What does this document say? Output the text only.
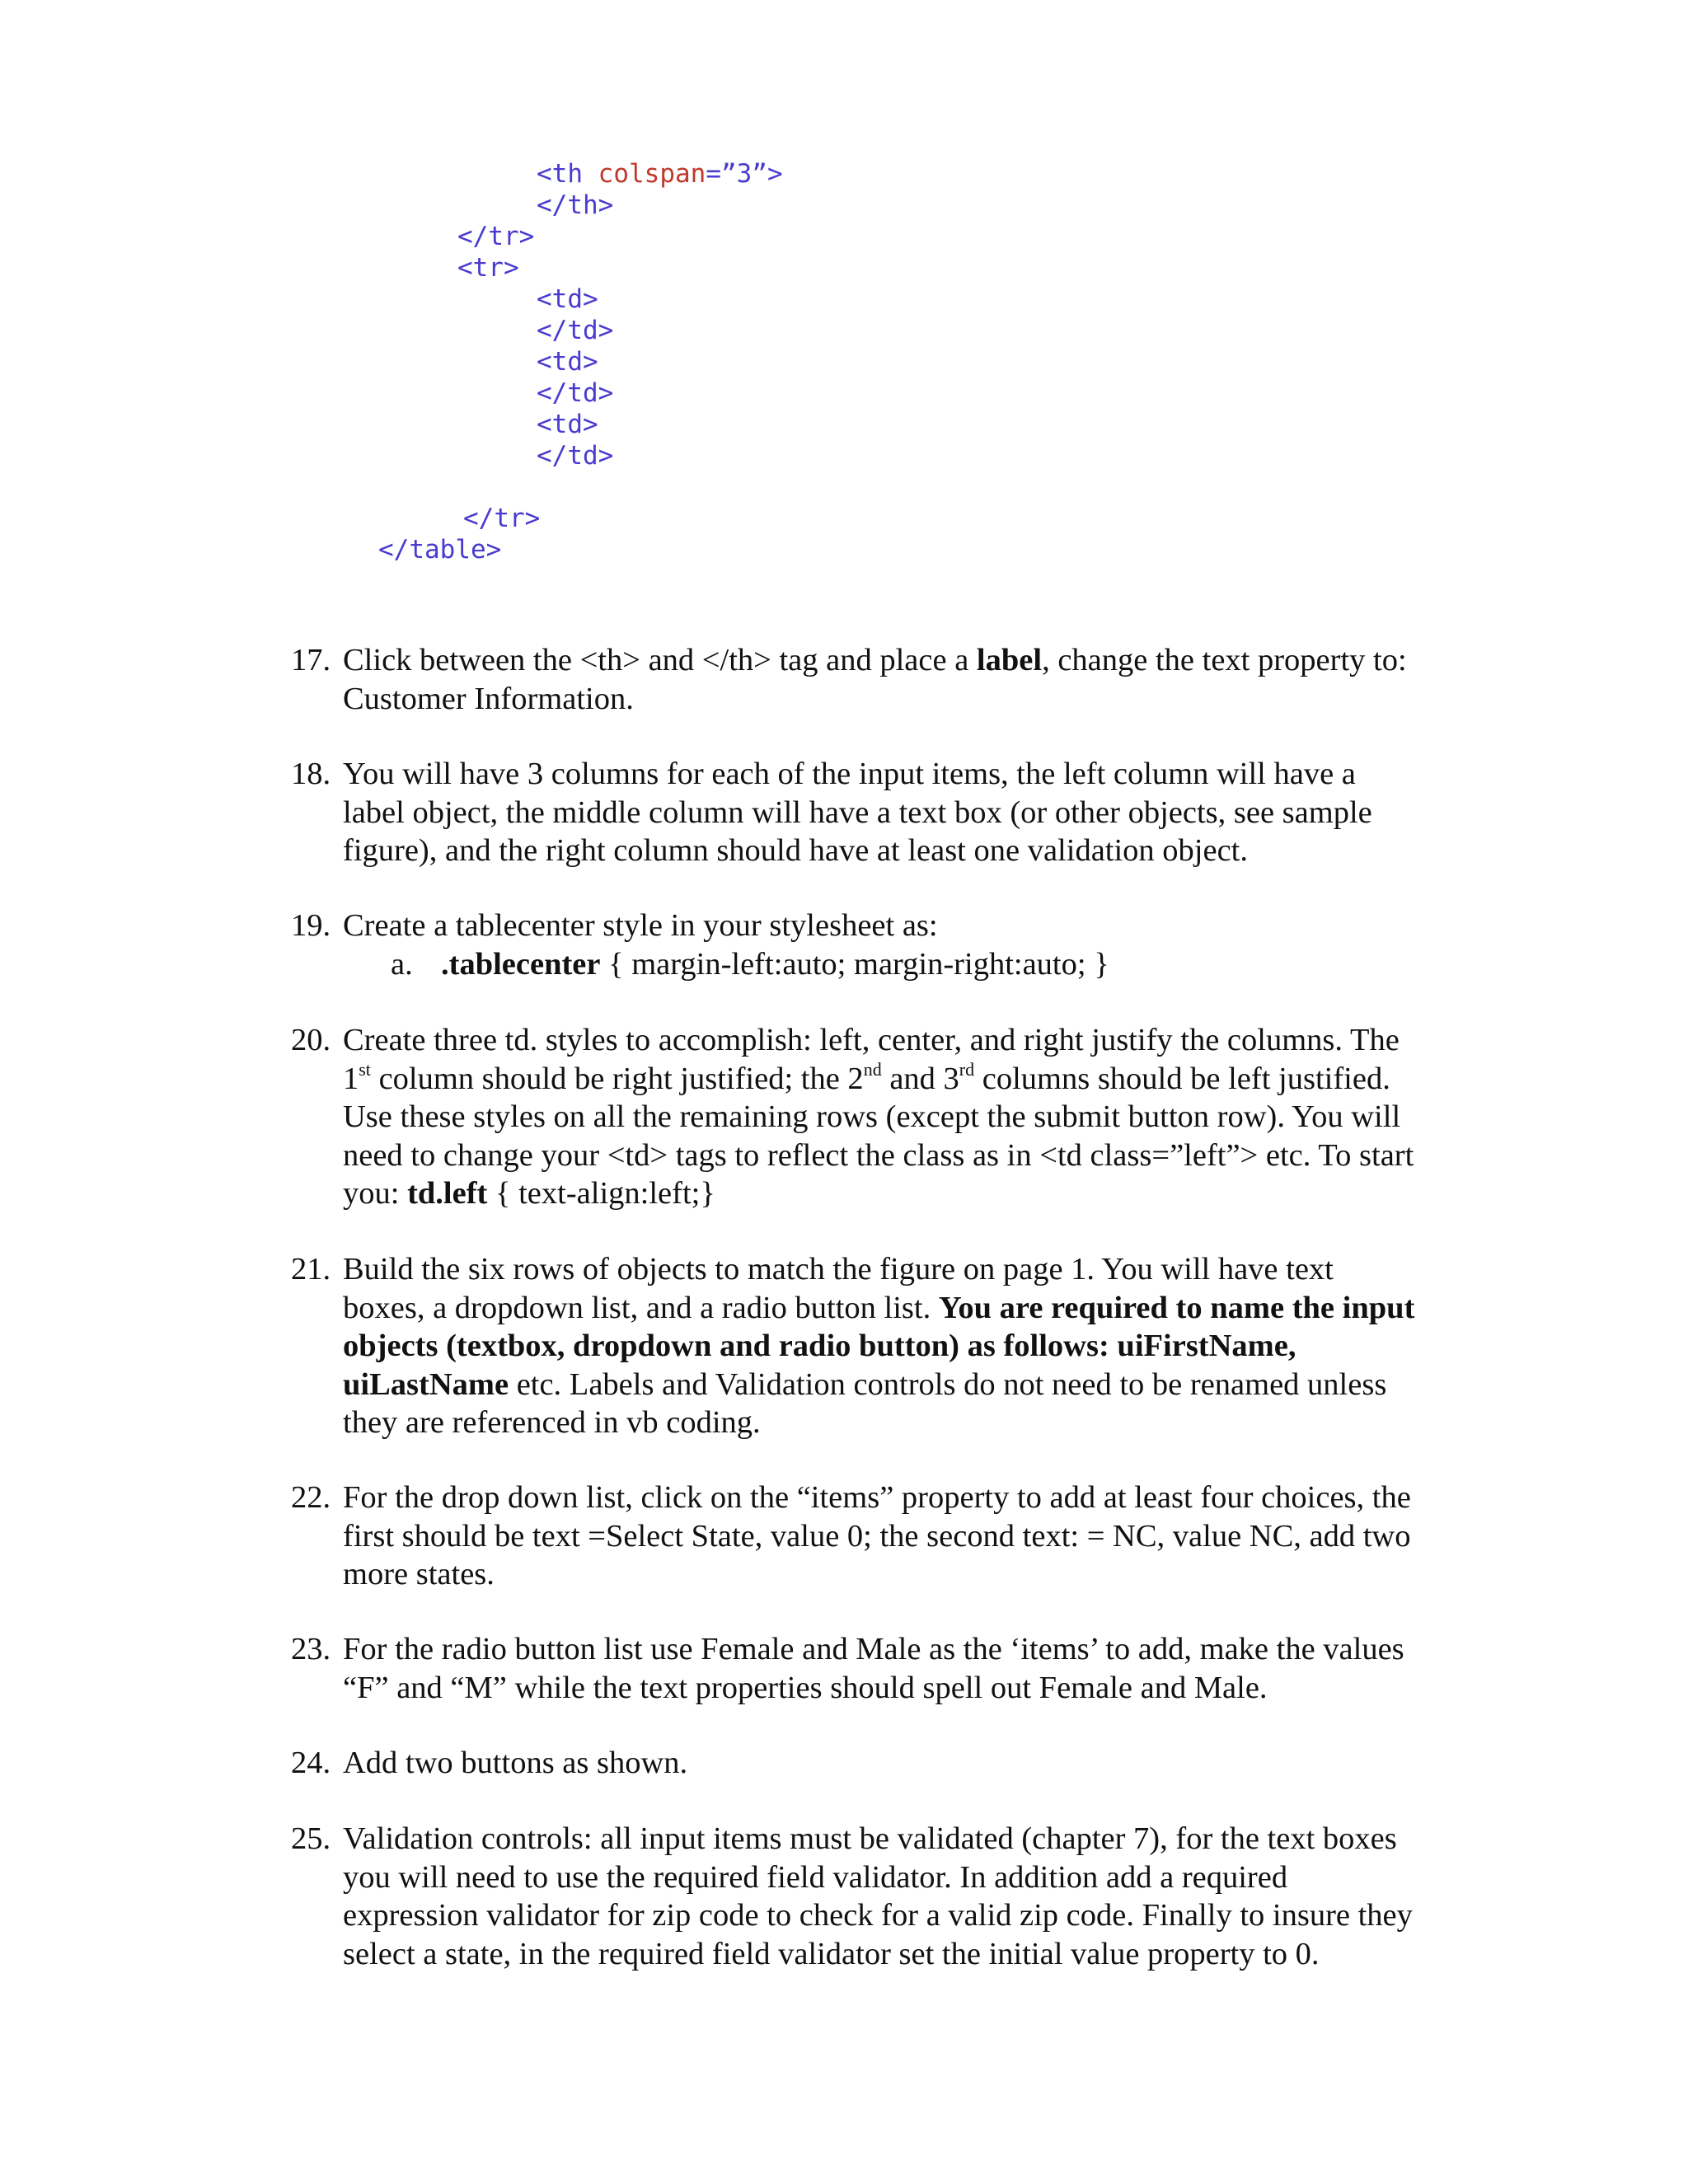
<th colspan=”3”>
</th>
</tr>
<tr>
<td>
</td>
<td>
</td>
<td>
</td>
</tr>
</table>
17. Click between the <th> and </th> tag and place a label, change the text property to:
Customer Information.
18. You will have 3 columns for each of the input items, the left column will have a
label object, the middle column will have a text box (or other objects, see sample
figure), and the right column should have at least one validation object.
19. Create a tablecenter style in your stylesheet as:
a. .tablecenter { margin-left:auto; margin-right:auto; }
20. Create three td. styles to accomplish: left, center, and right justify the columns. The
1st column should be right justified; the 2nd and 3rd columns should be left justified.
Use these styles on all the remaining rows (except the submit button row). You will
need to change your <td> tags to reflect the class as in <td class=”left”> etc. To start
you: td.left { text-align:left;}
21. Build the six rows of objects to match the figure on page 1. You will have text
boxes, a dropdown list, and a radio button list. You are required to name the input
objects (textbox, dropdown and radio button) as follows: uiFirstName,
uiLastName etc. Labels and Validation controls do not need to be renamed unless
they are referenced in vb coding.
22. For the drop down list, click on the “items” property to add at least four choices, the
first should be text =Select State, value 0; the second text: = NC, value NC, add two
more states.
23. For the radio button list use Female and Male as the ‘items’ to add, make the values
“F” and “M” while the text properties should spell out Female and Male.
24. Add two buttons as shown.
25. Validation controls: all input items must be validated (chapter 7), for the text boxes
you will need to use the required field validator. In addition add a required
expression validator for zip code to check for a valid zip code. Finally to insure they
select a state, in the required field validator set the initial value property to 0.
